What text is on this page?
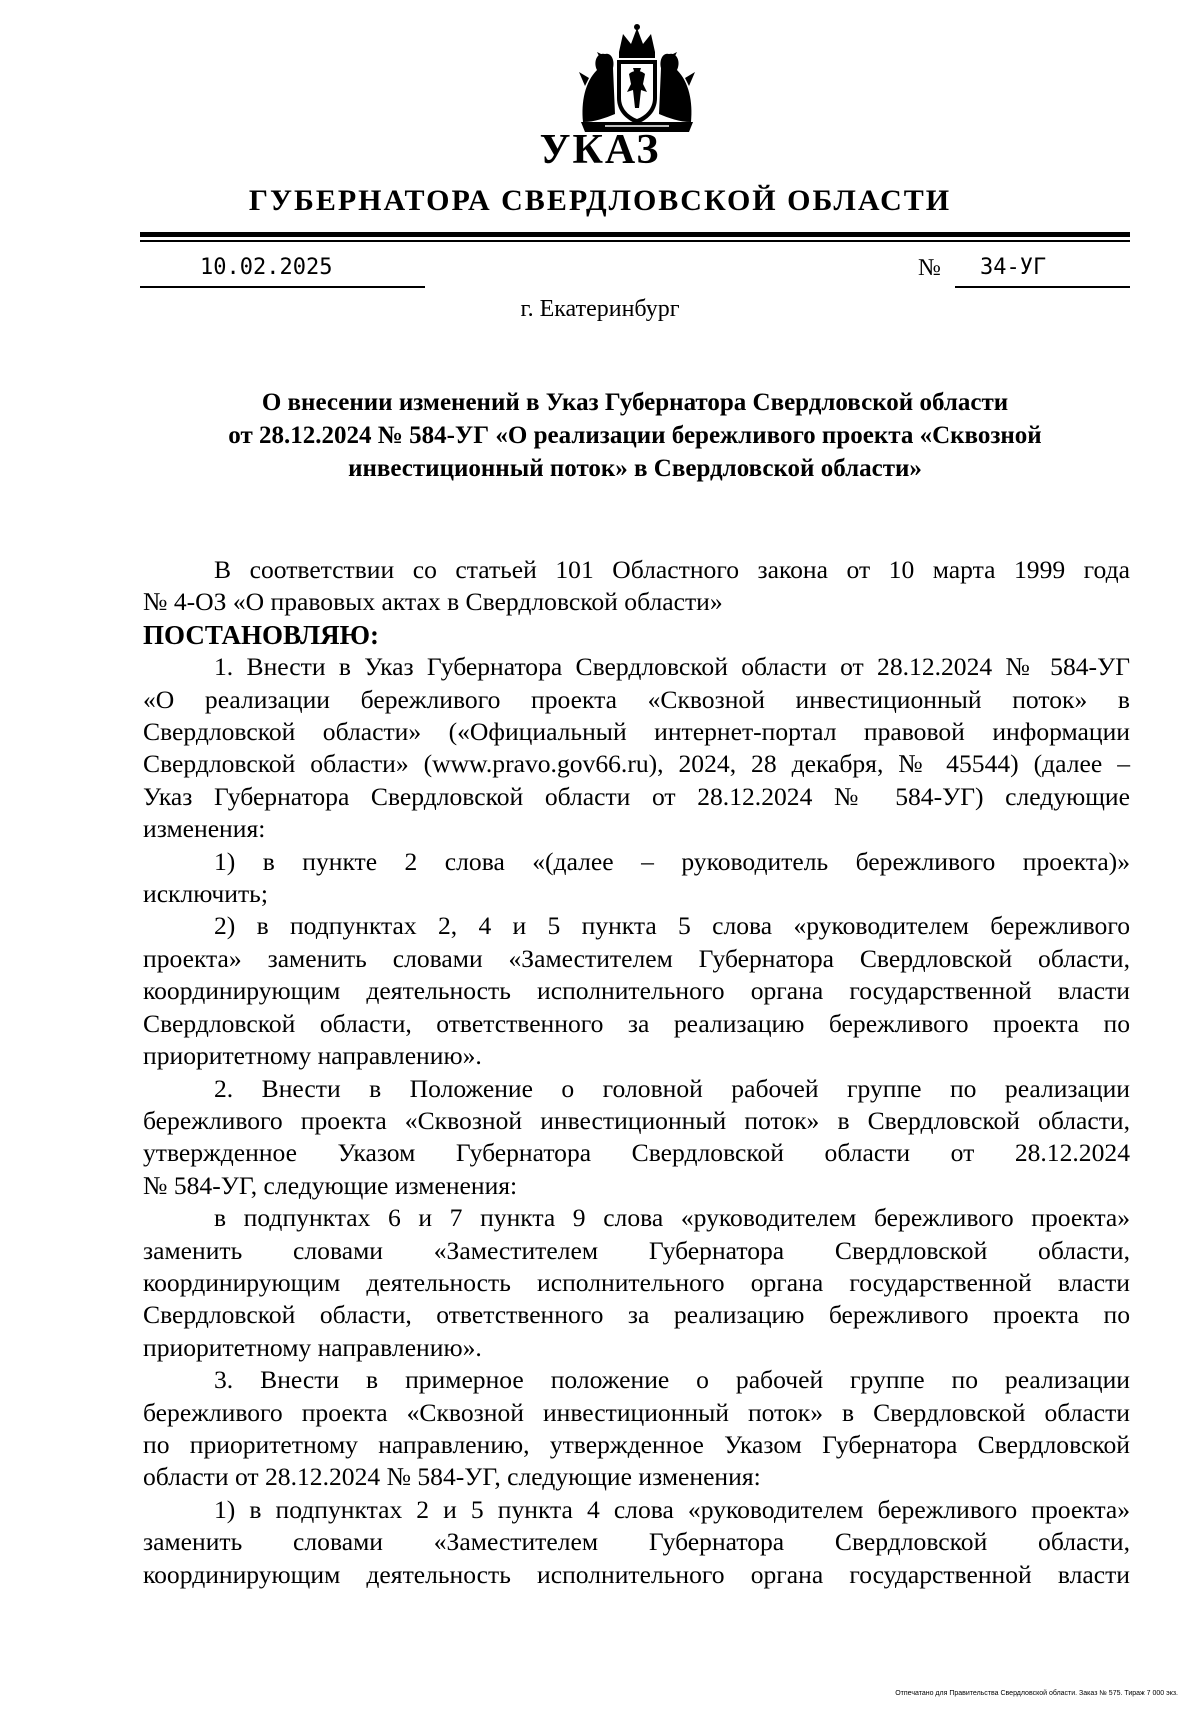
УКАЗ
ГУБЕРНАТОРА СВЕРДЛОВСКОЙ ОБЛАСТИ
10.02.2025	№ 34-УГ
г. Екатеринбург
О внесении изменений в Указ Губернатора Свердловской области
от 28.12.2024 № 584-УГ «О реализации бережливого проекта «Сквозной
инвестиционный поток» в Свердловской области»
В соответствии со статьей 101 Областного закона от 10 марта 1999 года
№ 4-ОЗ «О правовых актах в Свердловской области»
ПОСТАНОВЛЯЮ:
1. Внести в Указ Губернатора Свердловской области от 28.12.2024 № 584-УГ
«О реализации бережливого проекта «Сквозной инвестиционный поток» в
Свердловской области» («Официальный интернет-портал правовой информации
Свердловской области» (www.pravo.gov66.ru), 2024, 28 декабря, № 45544) (далее –
Указ Губернатора Свердловской области от 28.12.2024 № 584-УГ) следующие
изменения:
1) в пункте 2 слова «(далее – руководитель бережливого проекта)»
исключить;
2) в подпунктах 2, 4 и 5 пункта 5 слова «руководителем бережливого
проекта» заменить словами «Заместителем Губернатора Свердловской области,
координирующим деятельность исполнительного органа государственной власти
Свердловской области, ответственного за реализацию бережливого проекта по
приоритетному направлению».
2. Внести в Положение о головной рабочей группе по реализации
бережливого проекта «Сквозной инвестиционный поток» в Свердловской области,
утвержденное Указом Губернатора Свердловской области от 28.12.2024
№ 584-УГ, следующие изменения:
в подпунктах 6 и 7 пункта 9 слова «руководителем бережливого проекта»
заменить словами «Заместителем Губернатора Свердловской области,
координирующим деятельность исполнительного органа государственной власти
Свердловской области, ответственного за реализацию бережливого проекта по
приоритетному направлению».
3. Внести в примерное положение о рабочей группе по реализации
бережливого проекта «Сквозной инвестиционный поток» в Свердловской области
по приоритетному направлению, утвержденное Указом Губернатора Свердловской
области от 28.12.2024 № 584-УГ, следующие изменения:
1) в подпунктах 2 и 5 пункта 4 слова «руководителем бережливого проекта»
заменить словами «Заместителем Губернатора Свердловской области,
координирующим деятельность исполнительного органа государственной власти
Отпечатано для Правительства Свердловской области. Заказ № 575. Тираж 7 000 экз.
